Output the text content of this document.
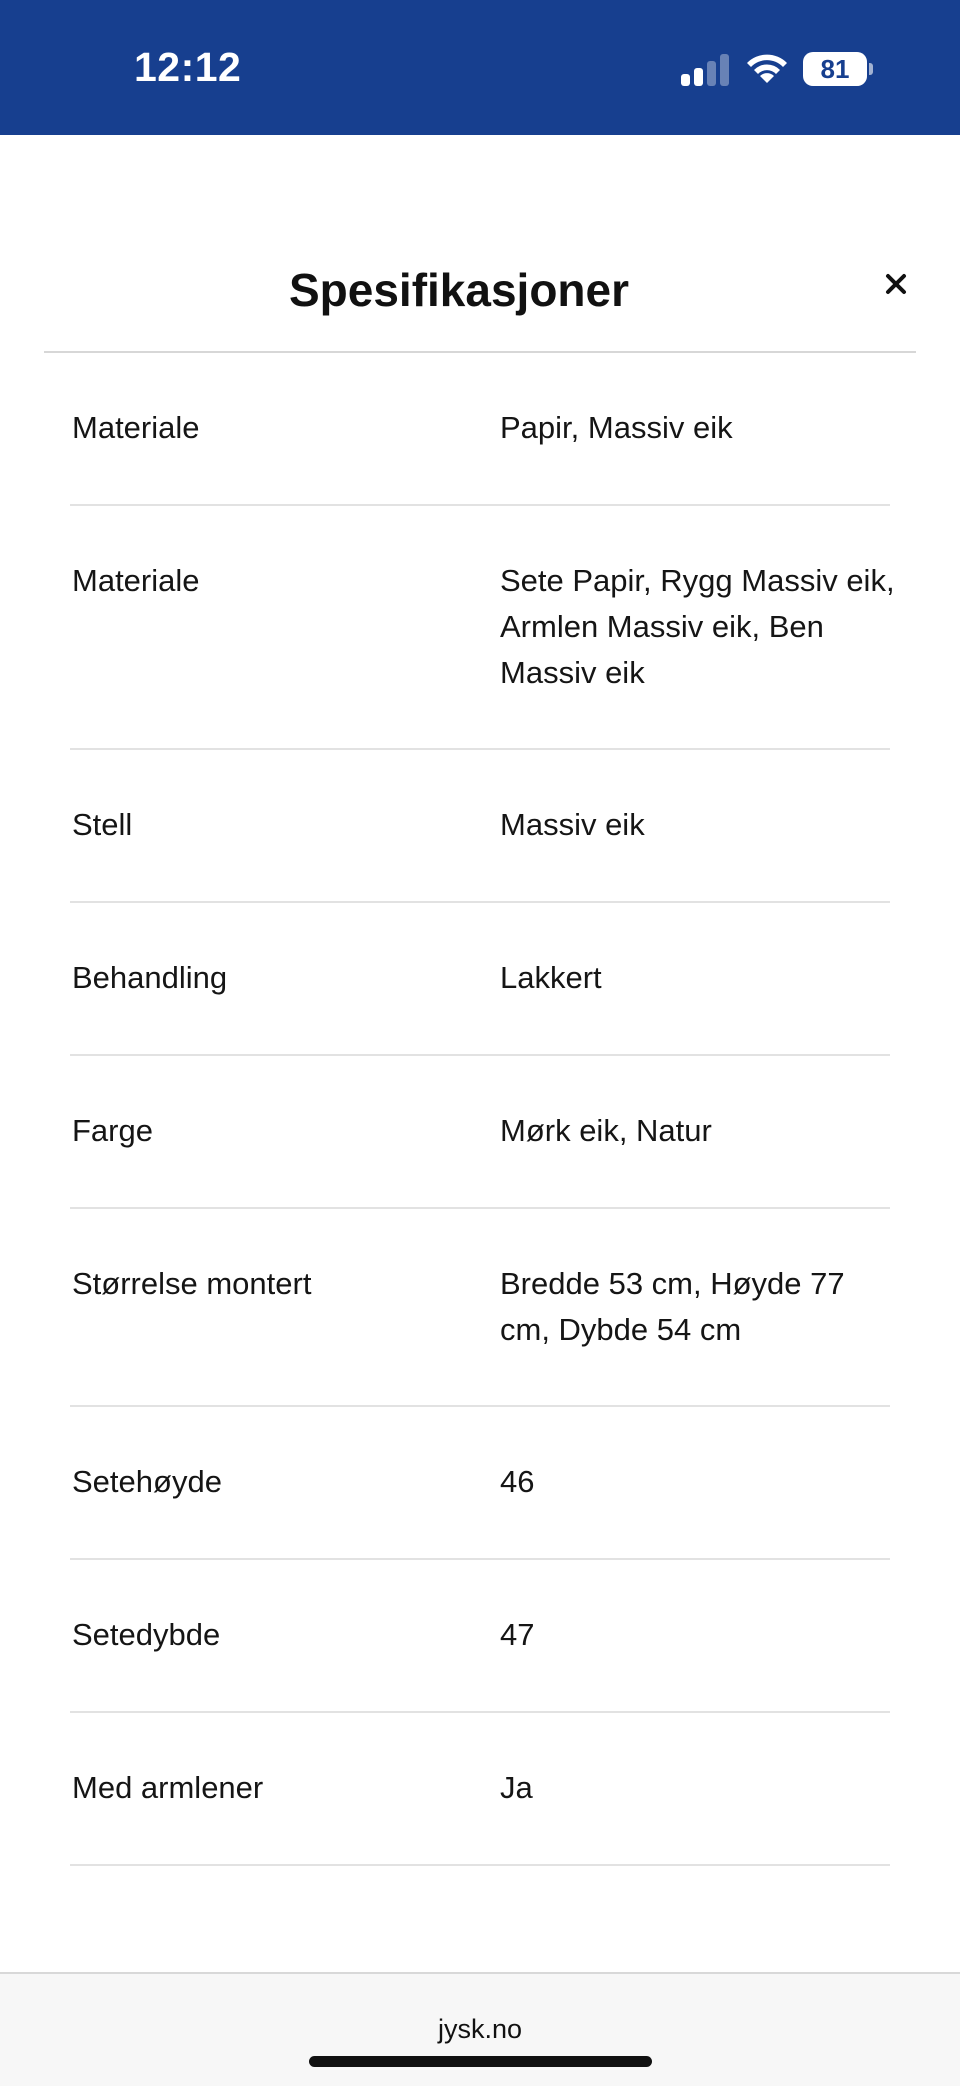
12:12	81
Spesifikasjoner
Materiale	Papir, Massiv eik
Materiale	Sete Papir, Rygg Massiv eik, Armlen Massiv eik, Ben Massiv eik
Stell	Massiv eik
Behandling	Lakkert
Farge	Mørk eik, Natur
Størrelse montert	Bredde 53 cm, Høyde 77 cm, Dybde 54 cm
Setehøyde	46
Setedybde	47
Med armlener	Ja
jysk.no
